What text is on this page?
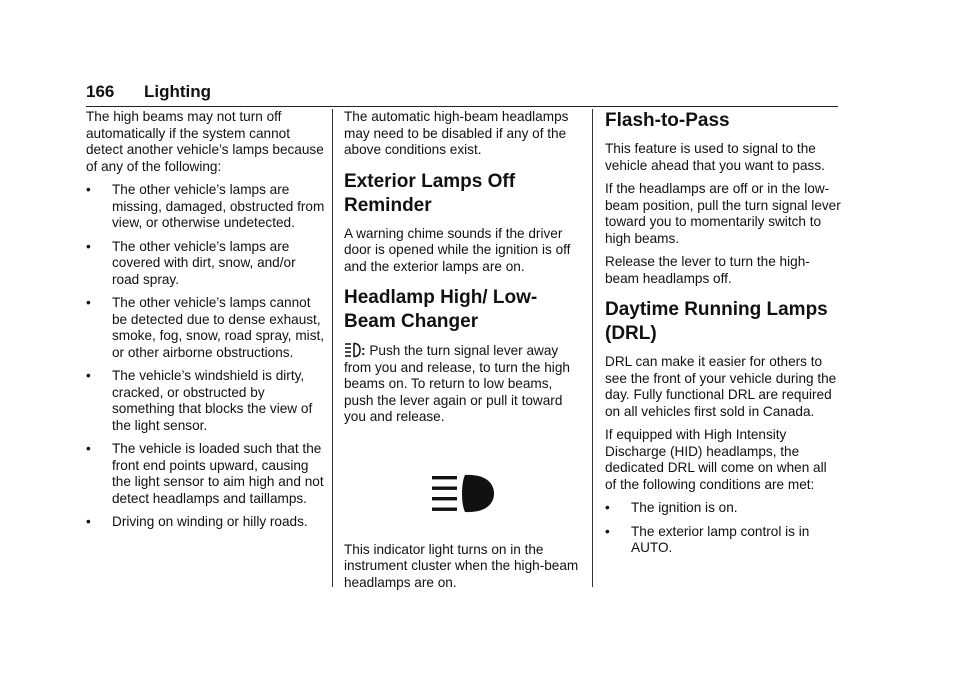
166 Lighting

The high beams may not turn off automatically if the system cannot detect another vehicle’s lamps because of any of the following:

• The other vehicle’s lamps are missing, damaged, obstructed from view, or otherwise undetected.
• The other vehicle’s lamps are covered with dirt, snow, and/or road spray.
• The other vehicle’s lamps cannot be detected due to dense exhaust, smoke, fog, snow, road spray, mist, or other airborne obstructions.
• The vehicle’s windshield is dirty, cracked, or obstructed by something that blocks the view of the light sensor.
• The vehicle is loaded such that the front end points upward, causing the light sensor to aim high and not detect headlamps and taillamps.
• Driving on winding or hilly roads.

The automatic high-beam headlamps may need to be disabled if any of the above conditions exist.

Exterior Lamps Off Reminder

A warning chime sounds if the driver door is opened while the ignition is off and the exterior lamps are on.

Headlamp High/ Low-Beam Changer

: Push the turn signal lever away from you and release, to turn the high beams on. To return to low beams, push the lever again or pull it toward you and release.

This indicator light turns on in the instrument cluster when the high-beam headlamps are on.

Flash-to-Pass

This feature is used to signal to the vehicle ahead that you want to pass.

If the headlamps are off or in the low-beam position, pull the turn signal lever toward you to momentarily switch to high beams.

Release the lever to turn the high-beam headlamps off.

Daytime Running Lamps (DRL)

DRL can make it easier for others to see the front of your vehicle during the day. Fully functional DRL are required on all vehicles first sold in Canada.

If equipped with High Intensity Discharge (HID) headlamps, the dedicated DRL will come on when all of the following conditions are met:

• The ignition is on.
• The exterior lamp control is in AUTO.
